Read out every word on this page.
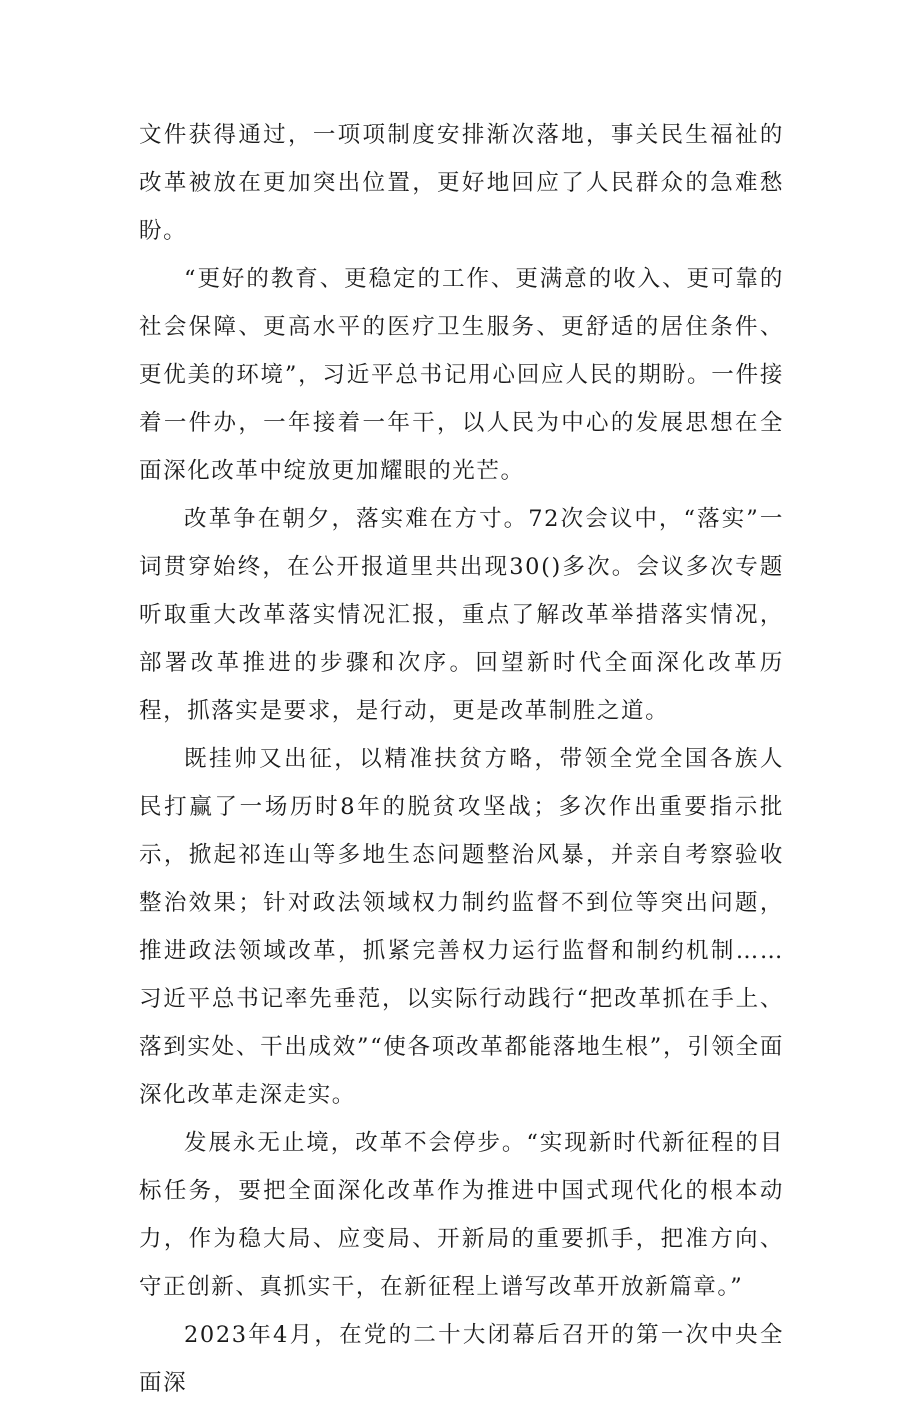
文件获得通过，一项项制度安排渐次落地，事关民生福祉的改革被放在更加突出位置，更好地回应了人民群众的急难愁盼。

“更好的教育、更稳定的工作、更满意的收入、更可靠的社会保障、更高水平的医疗卫生服务、更舒适的居住条件、更优美的环境”，习近平总书记用心回应人民的期盼。一件接着一件办，一年接着一年干，以人民为中心的发展思想在全面深化改革中绽放更加耀眼的光芒。

改革争在朝夕，落实难在方寸。72次会议中，“落实”一词贯穿始终，在公开报道里共出现30()多次。会议多次专题听取重大改革落实情况汇报，重点了解改革举措落实情况，部署改革推进的步骤和次序。回望新时代全面深化改革历程，抓落实是要求，是行动，更是改革制胜之道。

既挂帅又出征，以精准扶贫方略，带领全党全国各族人民打赢了一场历时8年的脱贫攻坚战；多次作出重要指示批示，掀起祁连山等多地生态问题整治风暴，并亲自考察验收整治效果；针对政法领域权力制约监督不到位等突出问题，推进政法领域改革，抓紧完善权力运行监督和制约机制……习近平总书记率先垂范，以实际行动践行“把改革抓在手上、落到实处、干出成效”“使各项改革都能落地生根”，引领全面深化改革走深走实。

发展永无止境，改革不会停步。“实现新时代新征程的目标任务，要把全面深化改革作为推进中国式现代化的根本动力，作为稳大局、应变局、开新局的重要抓手，把准方向、守正创新、真抓实干，在新征程上谱写改革开放新篇章。”

2023年4月，在党的二十大闭幕后召开的第一次中央全面深
